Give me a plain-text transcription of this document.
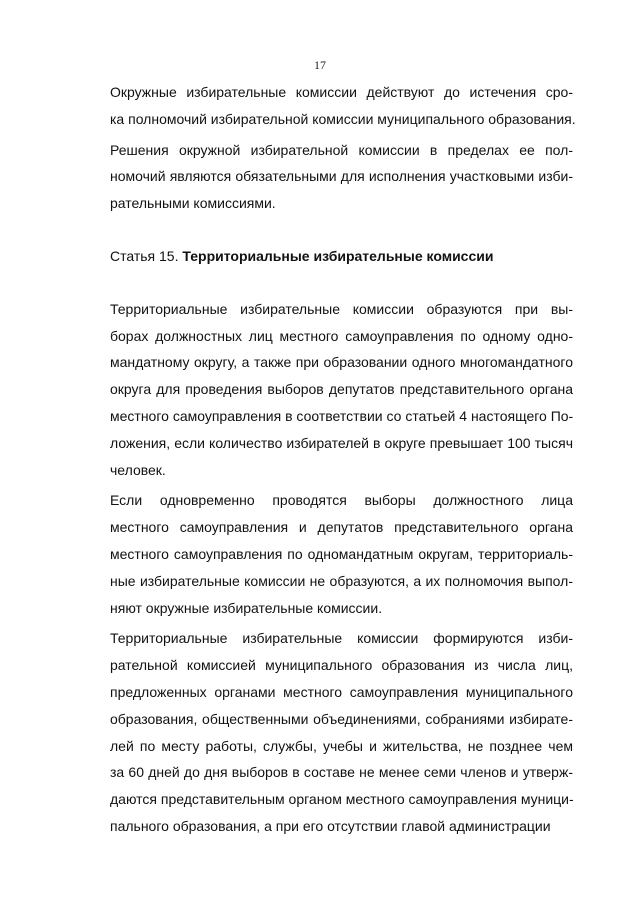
17

Окружные избирательные комиссии действуют до истечения сро-
ка полномочий избирательной комиссии муниципального образования.

Решения окружной избирательной комиссии в пределах ее пол-
номочий являются обязательными для исполнения участковыми изби-
рательными комиссиями.

Статья 15. Территориальные избирательные комиссии

Территориальные избирательные комиссии образуются при вы-
борах должностных лиц местного самоуправления по одному одно-
мандатному округу, а также при образовании одного многомандатного
округа для проведения выборов депутатов представительного органа
местного самоуправления в соответствии со статьей 4 настоящего По-
ложения, если количество избирателей в округе превышает 100 тысяч
человек.

Если одновременно проводятся выборы должностного лица
местного самоуправления и депутатов представительного органа
местного самоуправления по одномандатным округам, территориаль-
ные избирательные комиссии не образуются, а их полномочия выпол-
няют окружные избирательные комиссии.

Территориальные избирательные комиссии формируются изби-
рательной комиссией муниципального образования из числа лиц,
предложенных органами местного самоуправления муниципального
образования, общественными объединениями, собраниями избирате-
лей по месту работы, службы, учебы и жительства, не позднее чем
за 60 дней до дня выборов в составе не менее семи членов и утверж-
даются представительным органом местного самоуправления муници-
пального образования, а при его отсутствии главой администрации
